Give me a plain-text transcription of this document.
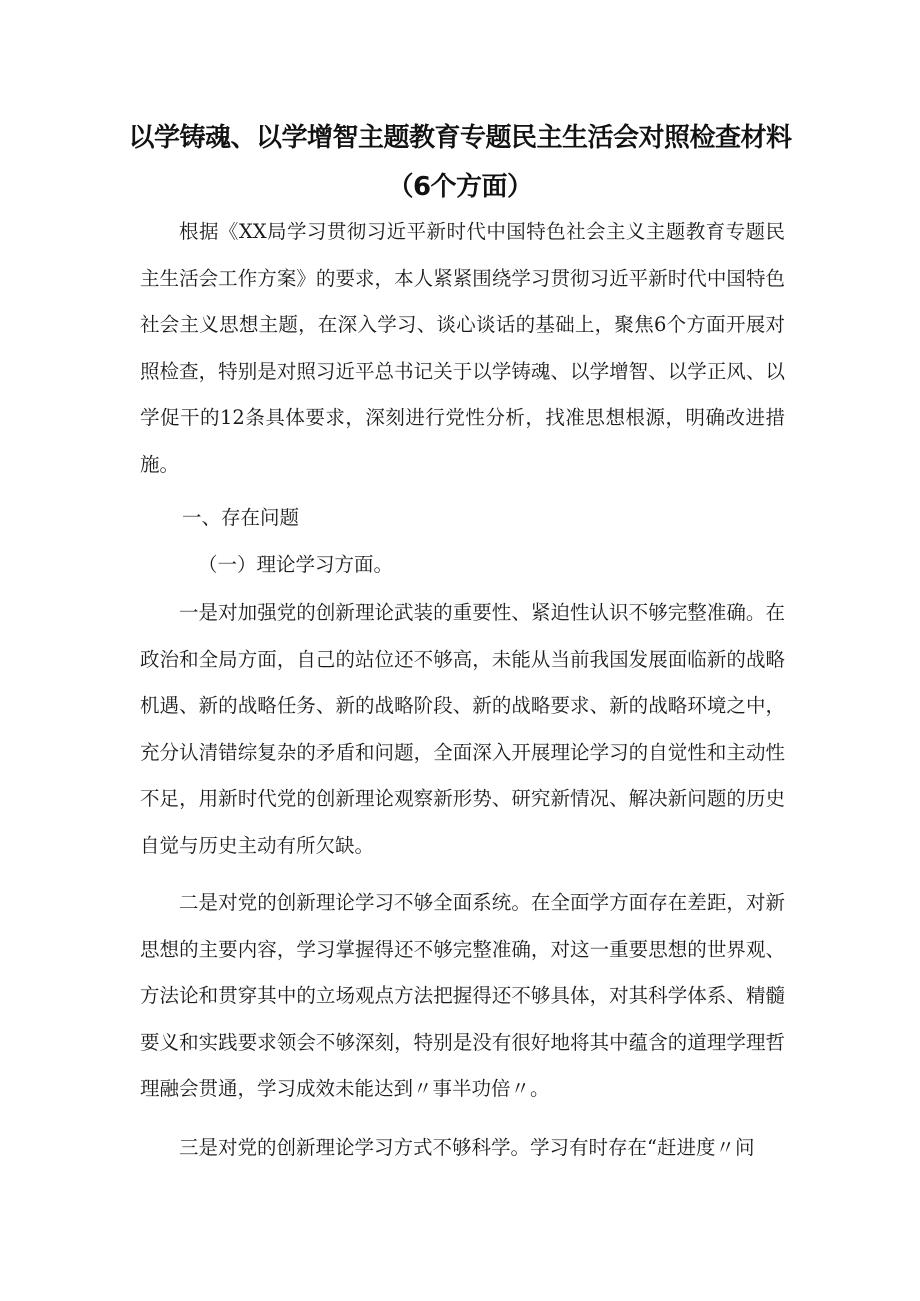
以学铸魂、以学增智主题教育专题民主生活会对照检查材料
（6个方面）

根据《XX局学习贯彻习近平新时代中国特色社会主义主题教育专题民主生活会工作方案》的要求，本人紧紧围绕学习贯彻习近平新时代中国特色社会主义思想主题，在深入学习、谈心谈话的基础上，聚焦6个方面开展对照检查，特别是对照习近平总书记关于以学铸魂、以学增智、以学正风、以学促干的12条具体要求，深刻进行党性分析，找准思想根源，明确改进措施。

一、存在问题

（一）理论学习方面。

一是对加强党的创新理论武装的重要性、紧迫性认识不够完整准确。在政治和全局方面，自己的站位还不够高，未能从当前我国发展面临新的战略机遇、新的战略任务、新的战略阶段、新的战略要求、新的战略环境之中，充分认清错综复杂的矛盾和问题，全面深入开展理论学习的自觉性和主动性不足，用新时代党的创新理论观察新形势、研究新情况、解决新问题的历史自觉与历史主动有所欠缺。

二是对党的创新理论学习不够全面系统。在全面学方面存在差距，对新思想的主要内容，学习掌握得还不够完整准确，对这一重要思想的世界观、方法论和贯穿其中的立场观点方法把握得还不够具体，对其科学体系、精髓要义和实践要求领会不够深刻，特别是没有很好地将其中蕴含的道理学理哲理融会贯通，学习成效未能达到〃事半功倍〃。

三是对党的创新理论学习方式不够科学。学习有时存在“赶进度〃问
